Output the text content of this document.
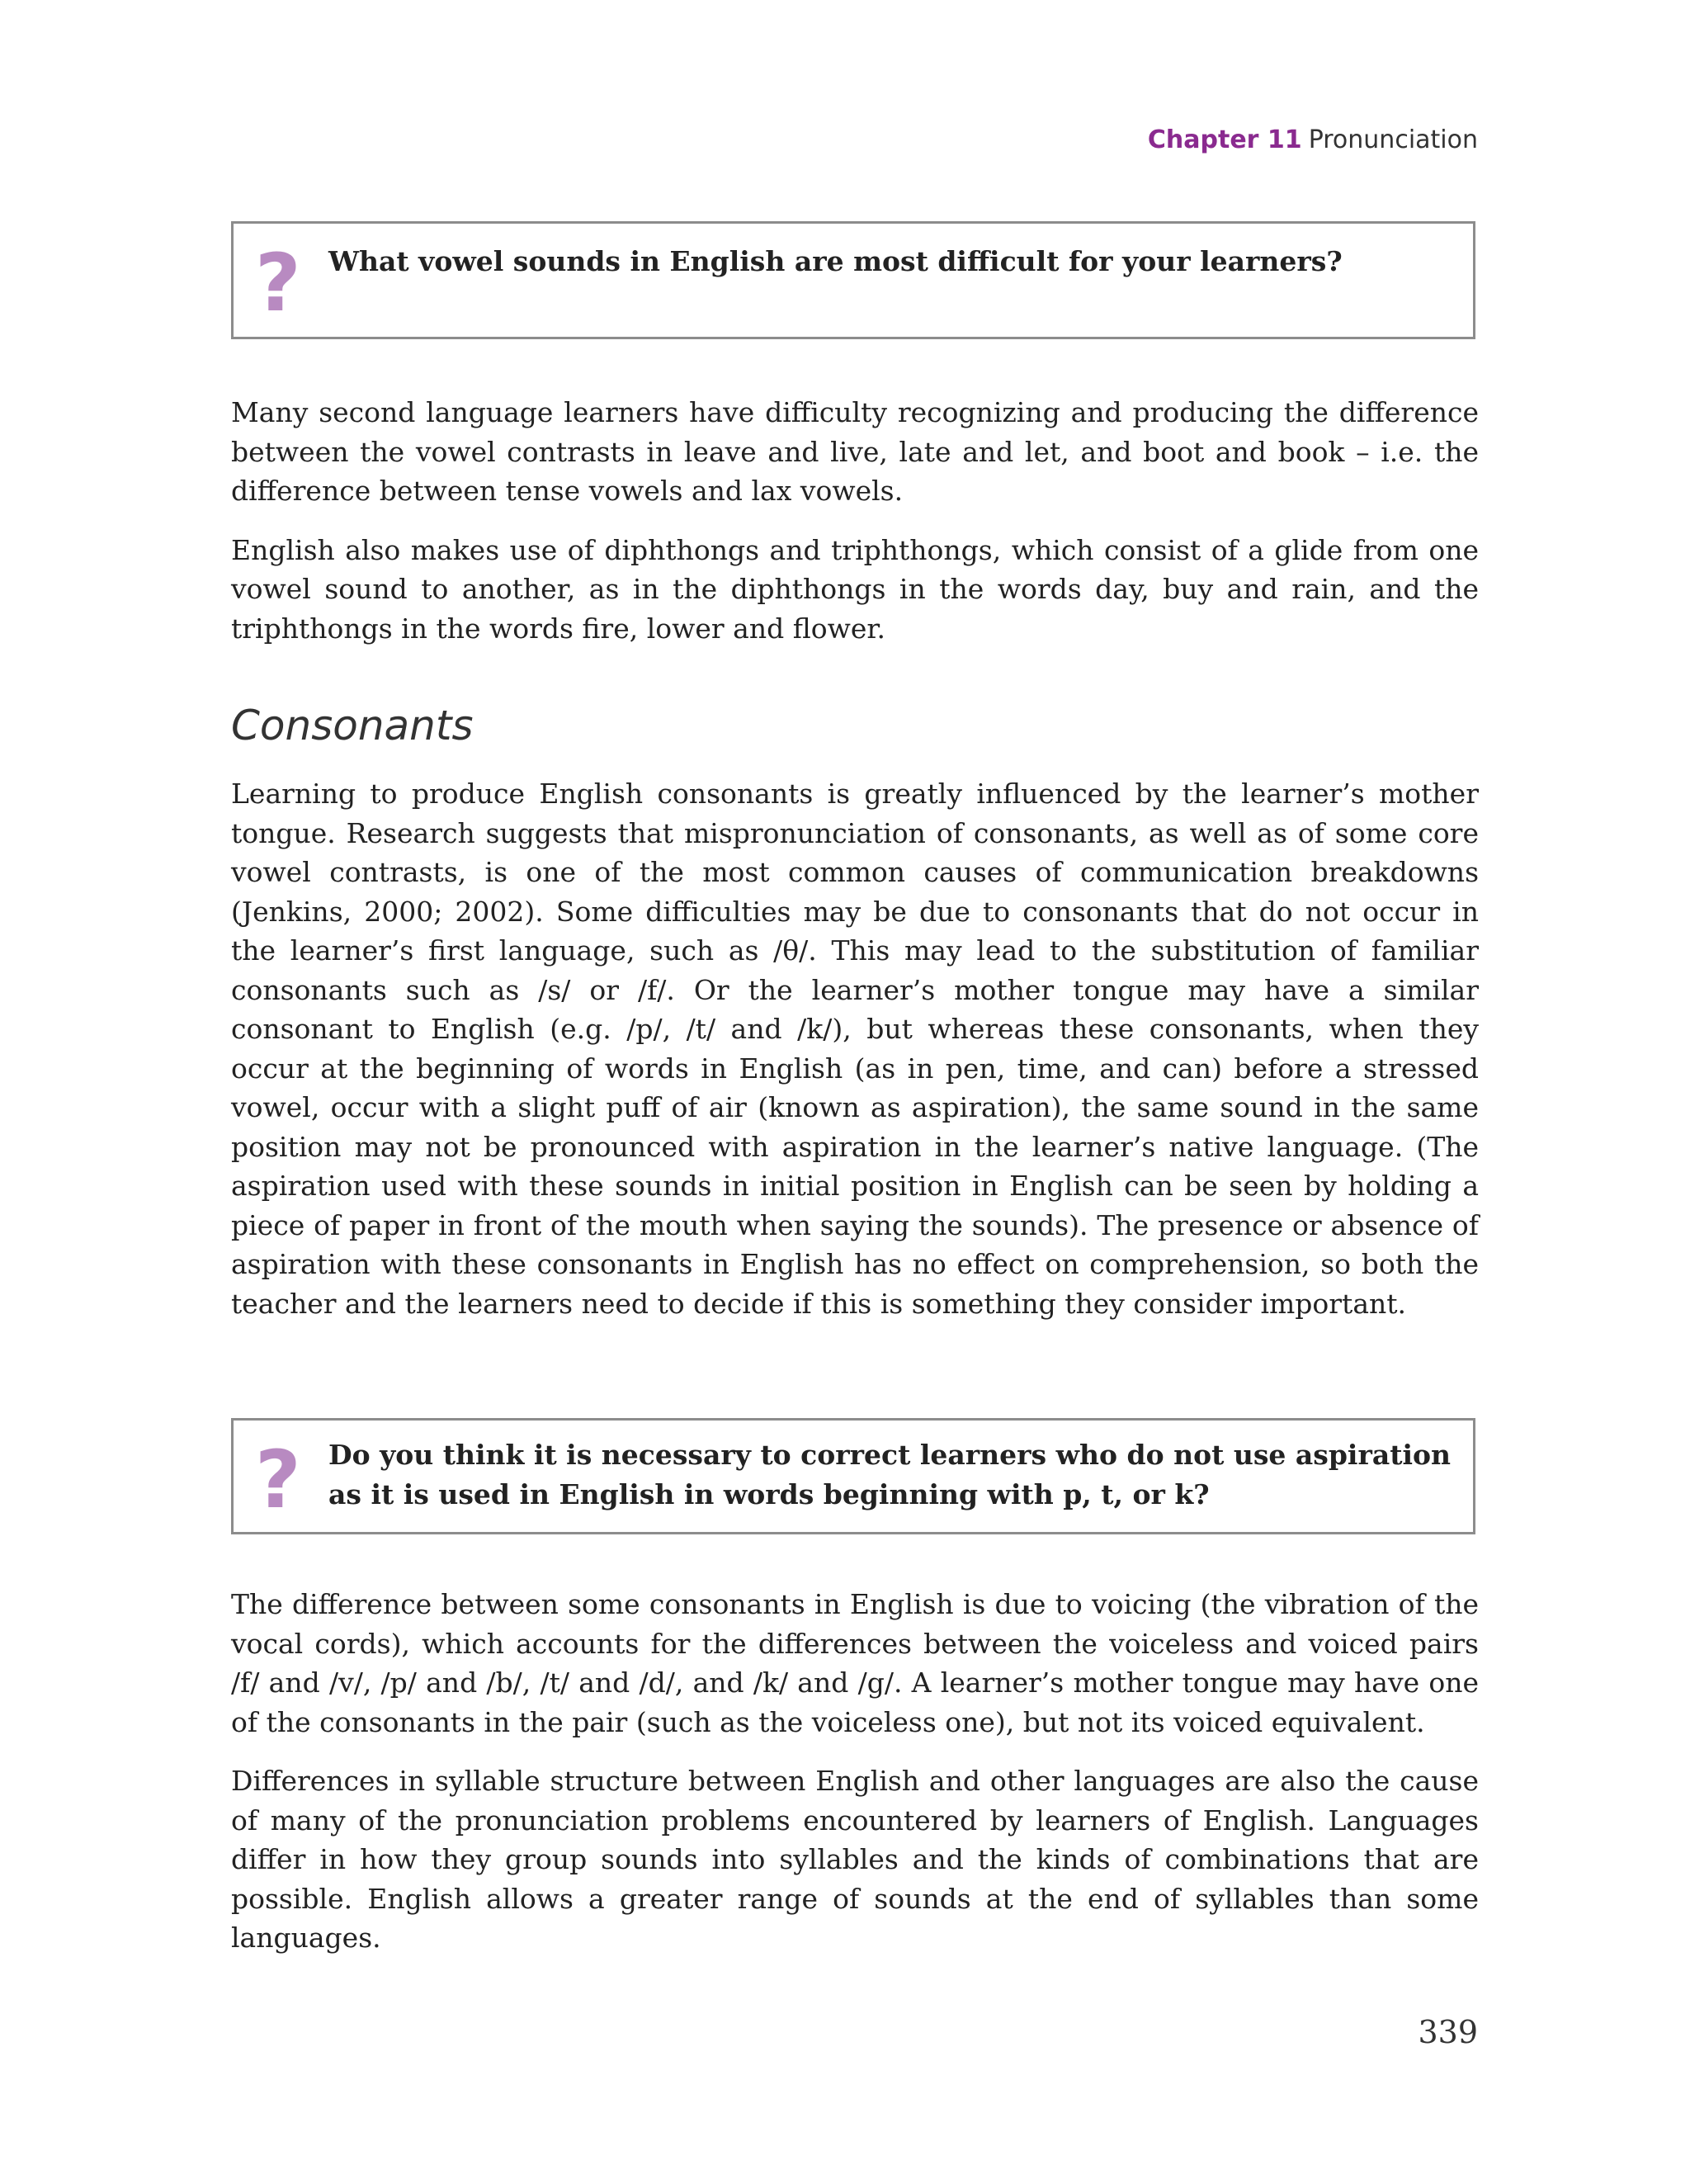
Chapter 11 Pronunciation
? What vowel sounds in English are most difficult for your learners?

Many second language learners have difficulty recognizing and producing the difference between the vowel contrasts in leave and live, late and let, and boot and book – i.e. the difference between tense vowels and lax vowels.

English also makes use of diphthongs and triphthongs, which consist of a glide from one vowel sound to another, as in the diphthongs in the words day, buy and rain, and the triphthongs in the words fire, lower and flower.

Consonants

Learning to produce English consonants is greatly influenced by the learner’s mother tongue. Research suggests that mispronunciation of consonants, as well as of some core vowel contrasts, is one of the most common causes of communication breakdowns (Jenkins, 2000; 2002). Some difficulties may be due to consonants that do not occur in the learner’s first language, such as /θ/. This may lead to the substitution of familiar consonants such as /s/ or /f/. Or the learner’s mother tongue may have a similar consonant to English (e.g. /p/, /t/ and /k/), but whereas these consonants, when they occur at the beginning of words in English (as in pen, time, and can) before a stressed vowel, occur with a slight puff of air (known as aspiration), the same sound in the same position may not be pronounced with aspiration in the learner’s native language. (The aspiration used with these sounds in initial position in English can be seen by holding a piece of paper in front of the mouth when saying the sounds). The presence or absence of aspiration with these consonants in English has no effect on comprehension, so both the teacher and the learners need to decide if this is something they consider important.

? Do you think it is necessary to correct learners who do not use aspiration as it is used in English in words beginning with p, t, or k?

The difference between some consonants in English is due to voicing (the vibration of the vocal cords), which accounts for the differences between the voiceless and voiced pairs /f/ and /v/, /p/ and /b/, /t/ and /d/, and /k/ and /g/. A learner’s mother tongue may have one of the consonants in the pair (such as the voiceless one), but not its voiced equivalent.

Differences in syllable structure between English and other languages are also the cause of many of the pronunciation problems encountered by learners of English. Languages differ in how they group sounds into syllables and the kinds of combinations that are possible. English allows a greater range of sounds at the end of syllables than some languages.

339
